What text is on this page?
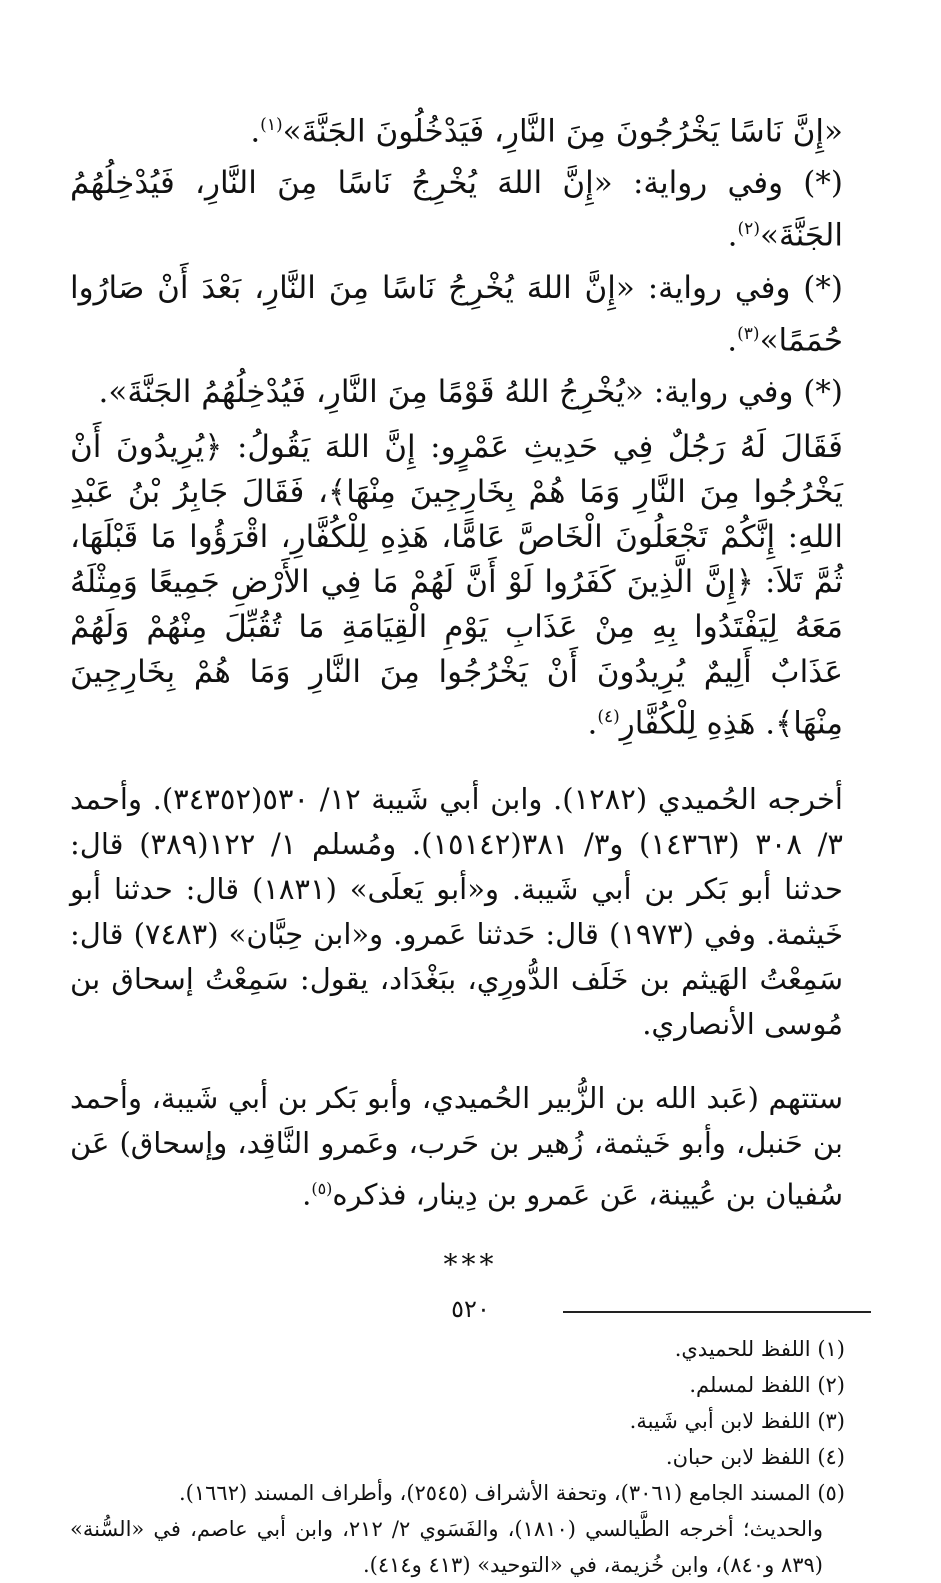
«إِنَّ نَاسًا يَخْرُجُونَ مِنَ النَّارِ، فَيَدْخُلُونَ الجَنَّةَ»$^{(١)}$.

(*) وفي رواية: «إِنَّ اللهَ يُخْرِجُ نَاسًا مِنَ النَّارِ، فَيُدْخِلُهُمُ الجَنَّةَ»$^{(٢)}$.

(*) وفي رواية: «إِنَّ اللهَ يُخْرِجُ نَاسًا مِنَ النَّارِ، بَعْدَ أَنْ صَارُوا حُمَمًا»$^{(٣)}$.

(*) وفي رواية: «يُخْرِجُ اللهُ قَوْمًا مِنَ النَّارِ، فَيُدْخِلُهُمُ الجَنَّةَ».

فَقَالَ لَهُ رَجُلٌ فِي حَدِيثِ عَمْرٍو: إِنَّ اللهَ يَقُولُ: ﴿يُرِيدُونَ أَنْ يَخْرُجُوا مِنَ النَّارِ وَمَا هُمْ بِخَارِجِينَ مِنْهَا﴾، فَقَالَ جَابِرُ بْنُ عَبْدِ اللهِ: إِنَّكُمْ تَجْعَلُونَ الْخَاصَّ عَامًّا، هَذِهِ لِلْكُفَّارِ، اقْرَؤُوا مَا قَبْلَهَا، ثُمَّ تَلاَ: ﴿إِنَّ الَّذِينَ كَفَرُوا لَوْ أَنَّ لَهُمْ مَا فِي الأَرْضِ جَمِيعًا وَمِثْلَهُ مَعَهُ لِيَفْتَدُوا بِهِ مِنْ عَذَابِ يَوْمِ الْقِيَامَةِ مَا تُقُبِّلَ مِنْهُمْ وَلَهُمْ عَذَابٌ أَلِيمٌ يُرِيدُونَ أَنْ يَخْرُجُوا مِنَ النَّارِ وَمَا هُمْ بِخَارِجِينَ مِنْهَا﴾. هَذِهِ لِلْكُفَّارِ$^{(٤)}$.

أخرجه الحُميدي (١٢٨٢). وابن أبي شَيبة ١٢/ ٥٣٠(٣٤٣٥٢). وأحمد ٣/ ٣٠٨ (١٤٣٦٣) و٣/ ٣٨١(١٥١٤٢). ومُسلم ١/ ١٢٢(٣٨٩) قال: حدثنا أبو بَكر بن أبي شَيبة. و«أبو يَعلَى» (١٨٣١) قال: حدثنا أبو خَيثمة. وفي (١٩٧٣) قال: حَدثنا عَمرو. و«ابن حِبَّان» (٧٤٨٣) قال: سَمِعْتُ الهَيثم بن خَلَف الدُّورِي، ببَغْدَاد، يقول: سَمِعْتُ إسحاق بن مُوسى الأنصاري.

ستتهم (عَبد الله بن الزُّبير الحُميدي، وأبو بَكر بن أبي شَيبة، وأحمد بن حَنبل، وأبو خَيثمة، زُهير بن حَرب، وعَمرو النَّاقِد، وإسحاق) عَن سُفيان بن عُيينة، عَن عَمرو بن دِينار، فذكره$^{(٥)}$.

***

(١) اللفظ للحميدي.

(٢) اللفظ لمسلم.

(٣) اللفظ لابن أبي شَيبة.

(٤) اللفظ لابن حبان.

(٥) المسند الجامع (٣٠٦١)، وتحفة الأشراف (٢٥٤٥)، وأطراف المسند (١٦٦٢).

والحديث؛ أخرجه الطَّيالسي (١٨١٠)، والفَسَوي ٢/ ٢١٢، وابن أبي عاصم، في «السُّنة» (٨٣٩ و٨٤٠)، وابن خُزيمة، في «التوحيد» (٤١٣ و٤١٤).

٥٢٠
